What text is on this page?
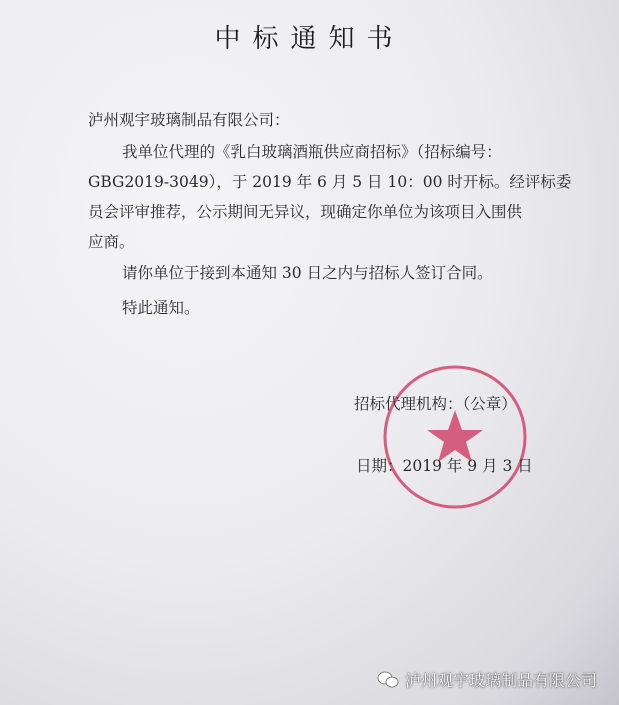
中标通知书
泸州观宇玻璃制品有限公司：
我单位代理的《乳白玻璃酒瓶供应商招标》（招标编号：
GBG2019-3049），于 2019 年 6 月 5 日 10：00 时开标。经评标委
员会评审推荐，公示期间无异议，现确定你单位为该项目入围供
应商。
请你单位于接到本通知 30 日之内与招标人签订合同。
特此通知。
招标代理机构：（公章）
日期：2019 年 9 月 3 日
泸州观宇玻璃制品有限公司
